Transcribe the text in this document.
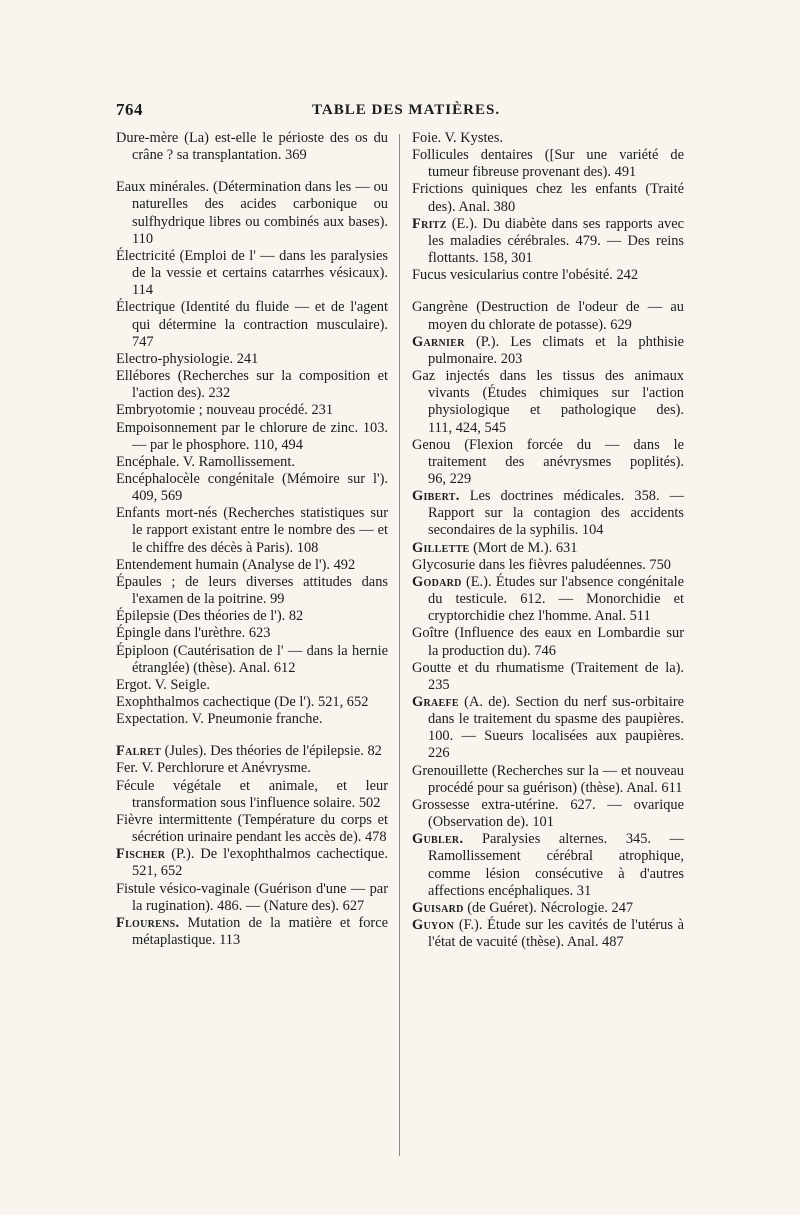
764	TABLE DES MATIÈRES.
Dure-mère (La) est-elle le périoste des os du crâne ? sa transplantation. 369
Eaux minérales. (Détermination dans les — ou naturelles des acides carbonique ou sulfhydrique libres ou combinés aux bases). 110
Électricité (Emploi de l' — dans les paralysies de la vessie et certains catarrhes vésicaux). 114
Électrique (Identité du fluide — et de l'agent qui détermine la contraction musculaire). 747
Electro-physiologie. 241
Ellébores (Recherches sur la composition et l'action des). 232
Embryotomie ; nouveau procédé. 231
Empoisonnement par le chlorure de zinc. 103. — par le phosphore. 110, 494
Encéphale. V. Ramollissement.
Encéphalocèle congénitale (Mémoire sur l'). 409, 569
Enfants mort-nés (Recherches statistiques sur le rapport existant entre le nombre des — et le chiffre des décès à Paris). 108
Entendement humain (Analyse de l'). 492
Épaules ; de leurs diverses attitudes dans l'examen de la poitrine. 99
Épilepsie (Des théories de l'). 82
Épingle dans l'urèthre. 623
Épiploon (Cautérisation de l' — dans la hernie étranglée) (thèse). Anal. 612
Ergot. V. Seigle.
Exophthalmos cachectique (De l'). 521, 652
Expectation. V. Pneumonie franche.
Falret (Jules). Des théories de l'épilepsie. 82
Fer. V. Perchlorure et Anévrysme.
Fécule végétale et animale, et leur transformation sous l'influence solaire. 502
Fièvre intermittente (Température du corps et sécrétion urinaire pendant les accès de). 478
Fischer (P.). De l'exophthalmos cachectique. 521, 652
Fistule vésico-vaginale (Guérison d'une — par la rugination). 486. — (Nature des). 627
Flourens. Mutation de la matière et force métaplastique. 113
Foie. V. Kystes.
Follicules dentaires ([Sur une variété de tumeur fibreuse provenant des). 491
Frictions quiniques chez les enfants (Traité des). Anal. 380
Fritz (E.). Du diabète dans ses rapports avec les maladies cérébrales. 479. — Des reins flottants. 158, 301
Fucus vesicularius contre l'obésité. 242
Gangrène (Destruction de l'odeur de — au moyen du chlorate de potasse). 629
Garnier (P.). Les climats et la phthisie pulmonaire. 203
Gaz injectés dans les tissus des animaux vivants (Études chimiques sur l'action physiologique et pathologique des). 111, 424, 545
Genou (Flexion forcée du — dans le traitement des anévrysmes poplités). 96, 229
Gibert. Les doctrines médicales. 358. — Rapport sur la contagion des accidents secondaires de la syphilis. 104
Gillette (Mort de M.). 631
Glycosurie dans les fièvres paludéennes. 750
Godard (E.). Études sur l'absence congénitale du testicule. 612. — Monorchidie et cryptorchidie chez l'homme. Anal. 511
Goître (Influence des eaux en Lombardie sur la production du). 746
Goutte et du rhumatisme (Traitement de la). 235
Graefe (A. de). Section du nerf sus-orbitaire dans le traitement du spasme des paupières. 100. — Sueurs localisées aux paupières. 226
Grenouillette (Recherches sur la — et nouveau procédé pour sa guérison) (thèse). Anal. 611
Grossesse extra-utérine. 627. — ovarique (Observation de). 101
Gubler. Paralysies alternes. 345. — Ramollissement cérébral atrophique, comme lésion consécutive à d'autres affections encéphaliques. 31
Guisard (de Guéret). Nécrologie. 247
Guyon (F.). Étude sur les cavités de l'utérus à l'état de vacuité (thèse). Anal. 487
